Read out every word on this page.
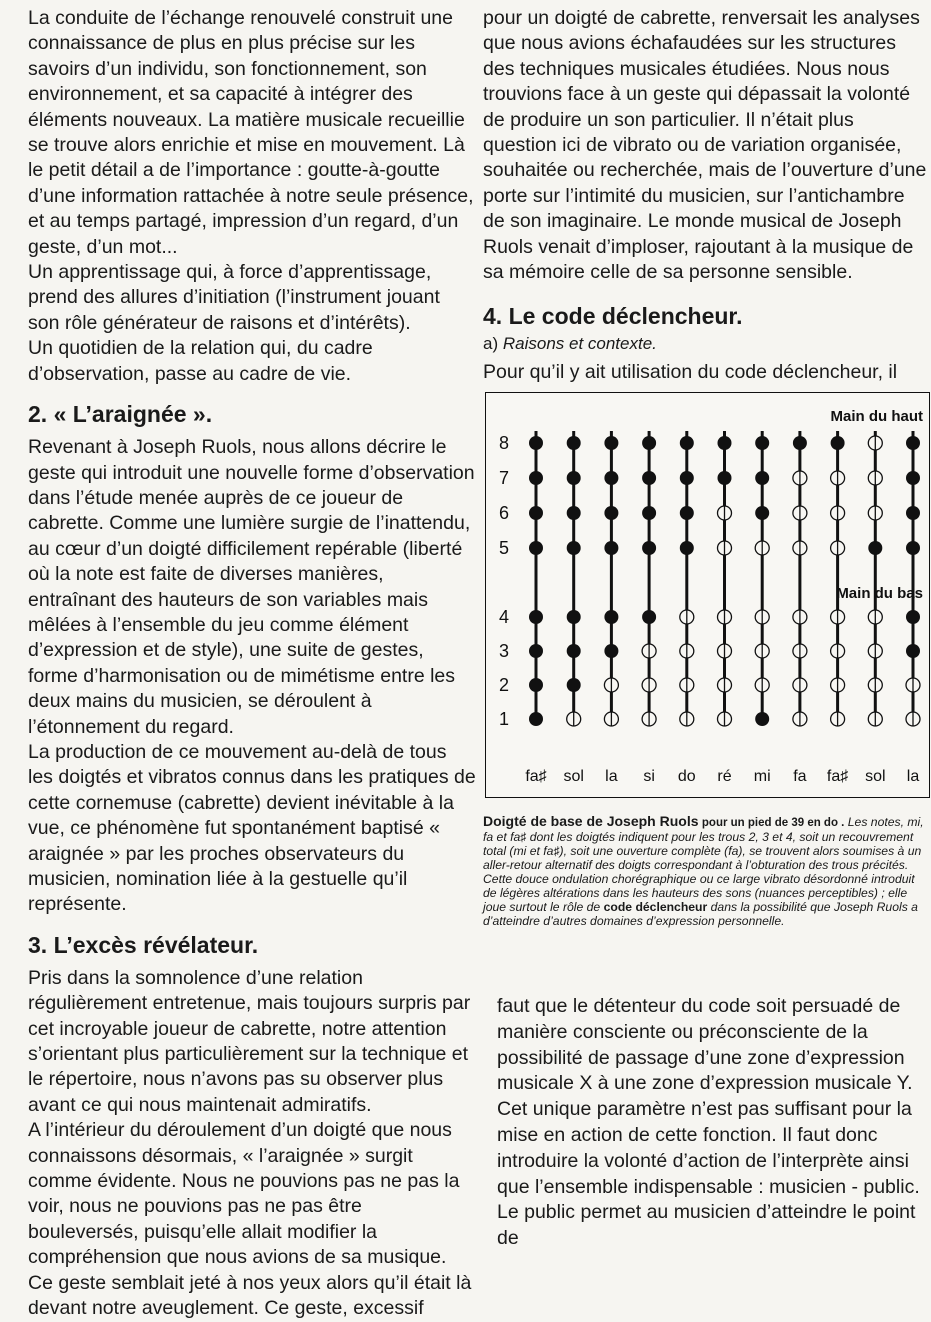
La conduite de l’échange renouvelé construit une connaissance de plus en plus précise sur les savoirs d’un individu, son fonctionnement, son environnement, et sa capacité à intégrer des éléments nouveaux. La matière musicale recueillie se trouve alors enrichie et mise en mouvement. Là le petit détail a de l’importance : goutte-à-goutte d’une information rattachée à notre seule présence, et au temps partagé, impression d’un regard, d’un geste, d’un mot...

Un apprentissage qui, à force d’apprentissage, prend des allures d’initiation (l’instrument jouant son rôle générateur de raisons et d’intérêts).

Un quotidien de la relation qui, du cadre d’observation, passe au cadre de vie.

2. « L’araignée ».

Revenant à Joseph Ruols, nous allons décrire le geste qui introduit une nouvelle forme d’observation dans l’étude menée auprès de ce joueur de cabrette. Comme une lumière surgie de l’inattendu, au cœur d’un doigté difficilement repérable (liberté où la note est faite de diverses manières, entraînant des hauteurs de son variables mais mêlées à l’ensemble du jeu comme élément d’expression et de style), une suite de gestes, forme d’harmonisation ou de mimétisme entre les deux mains du musicien, se déroulent à l’étonnement du regard.

La production de ce mouvement au-delà de tous les doigtés et vibratos connus dans les pratiques de cette cornemuse (cabrette) devient inévitable à la vue, ce phénomène fut spontanément baptisé « araignée » par les proches observateurs du musicien, nomination liée à la gestuelle qu’il représente.

3. L’excès révélateur.

Pris dans la somnolence d’une relation régulièrement entretenue, mais toujours surpris par cet incroyable joueur de cabrette, notre attention s’orientant plus particulièrement sur la technique et le répertoire, nous n’avons pas su observer plus avant ce qui nous maintenait admiratifs.

A l’intérieur du déroulement d’un doigté que nous connaissons désormais, « l’araignée » surgit comme évidente. Nous ne pouvions pas ne pas la voir, nous ne pouvions pas ne pas être bouleversés, puisqu’elle allait modifier la compréhension que nous avions de sa musique.

Ce geste semblait jeté à nos yeux alors qu’il était là devant notre aveuglement. Ce geste, excessif

pour un doigté de cabrette, renversait les analyses que nous avions échafaudées sur les structures des techniques musicales étudiées. Nous nous trouvions face à un geste qui dépassait la volonté de produire un son particulier. Il n’était plus question ici de vibrato ou de variation organisée, souhaitée ou recherchée, mais de l’ouverture d’une porte sur l’intimité du musicien, sur l’antichambre de son imaginaire. Le monde musical de Joseph Ruols venait d’imploser, rajoutant à la musique de sa mémoire celle de sa personne sensible.

4. Le code déclencheur.

a) Raisons et contexte.

Pour qu’il y ait utilisation du code déclencheur, il

Main du haut
Main du bas
8
7
6
5
4
3
2
1
fa♯ sol la si do ré mi fa fa♯ sol la

Doigté de base de Joseph Ruols pour un pied de 39 en do . Les notes, mi, fa et fa♯ dont les doigtés indiquent pour les trous 2, 3 et 4, soit un recouvrement total (mi et fa♯), soit une ouverture complète (fa), se trouvent alors soumises à un aller-retour alternatif des doigts correspondant à l’obturation des trous précités. Cette douce ondulation chorégraphique ou ce large vibrato désordonné introduit de légères altérations dans les hauteurs des sons (nuances perceptibles) ; elle joue surtout le rôle de code déclencheur dans la possibilité que Joseph Ruols a d’atteindre d’autres domaines d’expression personnelle.

faut que le détenteur du code soit persuadé de manière consciente ou préconsciente de la possibilité de passage d’une zone d’expression musicale X à une zone d’expression musicale Y. Cet unique paramètre n’est pas suffisant pour la mise en action de cette fonction. Il faut donc introduire la volonté d’action de l’interprète ainsi que l’ensemble indispensable : musicien - public.

Le public permet au musicien d’atteindre le point de
